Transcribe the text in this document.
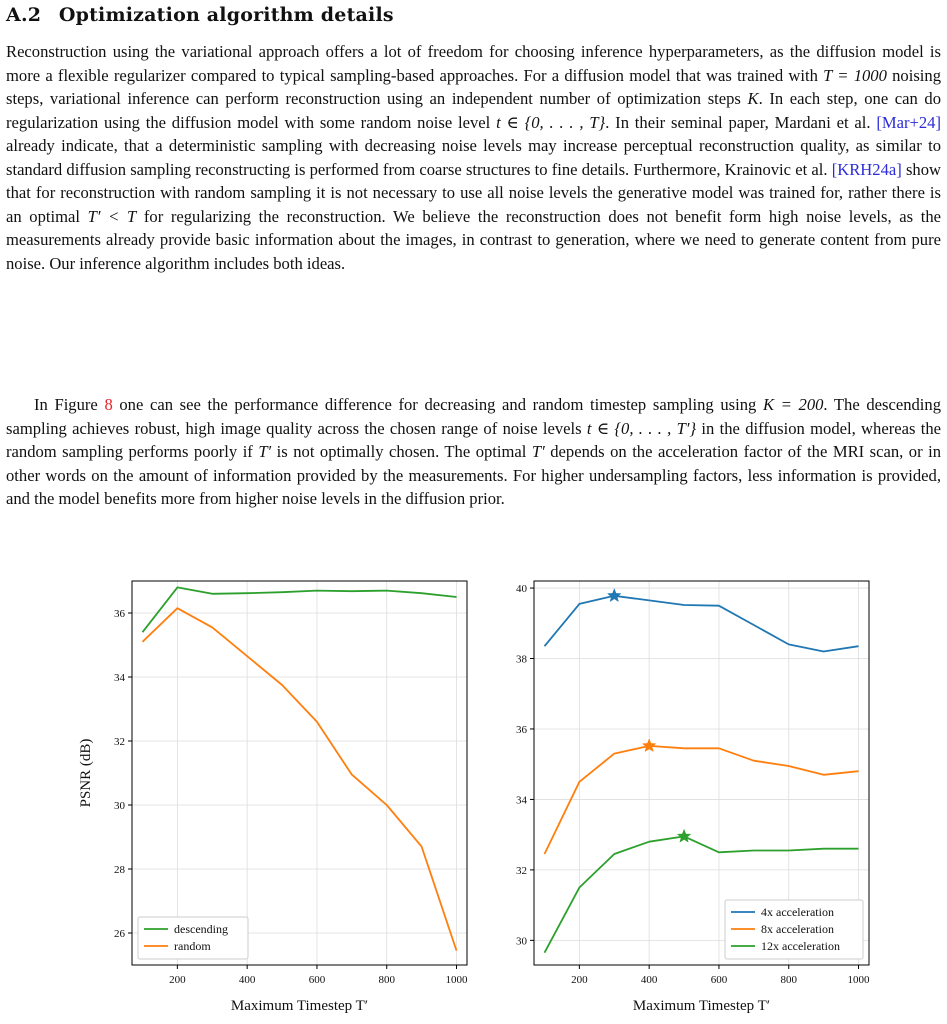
A.2 Optimization algorithm details

Reconstruction using the variational approach offers a lot of freedom for choosing inference hyperparameters, as the diffusion model is more a flexible regularizer compared to typical sampling-based approaches. For a diffusion model that was trained with T = 1000 noising steps, variational inference can perform reconstruction using an independent number of optimization steps K. In each step, one can do regularization using the diffusion model with some random noise level t ∈ {0, . . . , T}. In their seminal paper, Mardani et al. [Mar+24] already indicate, that a deterministic sampling with decreasing noise levels may increase perceptual reconstruction quality, as similar to standard diffusion sampling reconstructing is performed from coarse structures to fine details. Furthermore, Krainovic et al. [KRH24a] show that for reconstruction with random sampling it is not necessary to use all noise levels the generative model was trained for, rather there is an optimal T′ < T for regularizing the reconstruction. We believe the reconstruction does not benefit form high noise levels, as the measurements already provide basic information about the images, in contrast to generation, where we need to generate content from pure noise. Our inference algorithm includes both ideas.

In Figure 8 one can see the performance difference for decreasing and random timestep sampling using K = 200. The descending sampling achieves robust, high image quality across the chosen range of noise levels t ∈ {0, . . . , T′} in the diffusion model, whereas the random sampling performs poorly if T′ is not optimally chosen. The optimal T′ depends on the acceleration factor of the MRI scan, or in other words on the amount of information provided by the measurements. For higher undersampling factors, less information is provided, and the model benefits more from higher noise levels in the diffusion prior.

200	400	600	800	1000
26
28
30
32
34
36
Maximum Timestep T′
PSNR (dB)
descending
random
200	400	600	800	1000
30
32
34
36
38
40
Maximum Timestep T′
4x acceleration
8x acceleration
12x acceleration
